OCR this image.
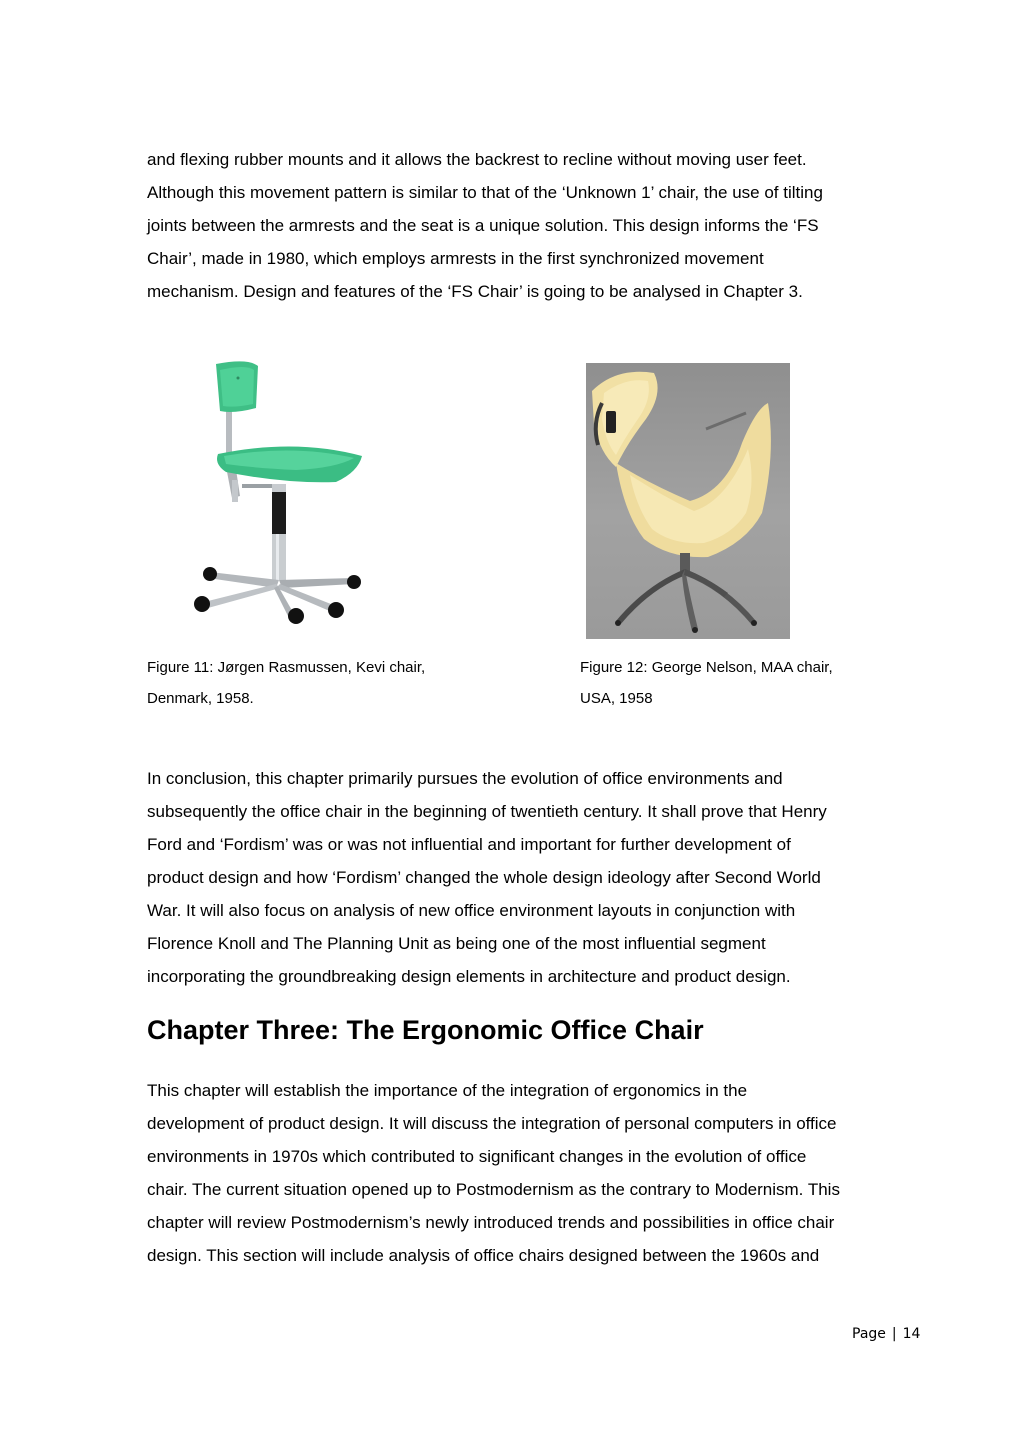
and flexing rubber mounts and it allows the backrest to recline without moving user feet.
Although this movement pattern is similar to that of the ‘Unknown 1’ chair, the use of tilting
joints between the armrests and the seat is a unique solution. This design informs the ‘FS
Chair’, made in 1980, which employs armrests in the first synchronized movement
mechanism. Design and features of the ‘FS Chair’ is going to be analysed in Chapter 3.

Figure 11: Jørgen Rasmussen, Kevi chair,
Denmark, 1958.

Figure 12: George Nelson, MAA chair,
USA, 1958

In conclusion, this chapter primarily pursues the evolution of office environments and
subsequently the office chair in the beginning of twentieth century. It shall prove that Henry
Ford and ‘Fordism’ was or was not influential and important for further development of
product design and how ‘Fordism’ changed the whole design ideology after Second World
War. It will also focus on analysis of new office environment layouts in conjunction with
Florence Knoll and The Planning Unit as being one of the most influential segment
incorporating the groundbreaking design elements in architecture and product design.

Chapter Three: The Ergonomic Office Chair

This chapter will establish the importance of the integration of ergonomics in the
development of product design. It will discuss the integration of personal computers in office
environments in 1970s which contributed to significant changes in the evolution of office
chair. The current situation opened up to Postmodernism as the contrary to Modernism. This
chapter will review Postmodernism’s newly introduced trends and possibilities in office chair
design. This section will include analysis of office chairs designed between the 1960s and

Page | 14
